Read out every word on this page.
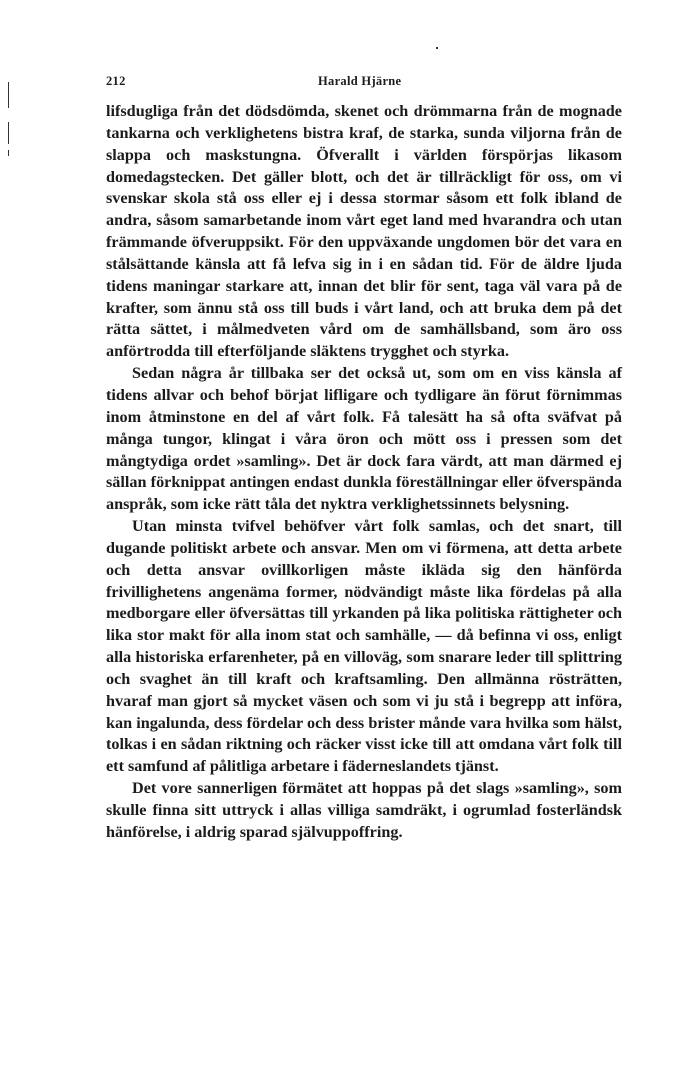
212	Harald Hjärne

lifsdugliga från det dödsdömda, skenet och drömmarna från de mognade tankarna och verklighetens bistra kraf, de starka, sunda viljorna från de slappa och maskstungna. Öfverallt i världen förspörjas likasom domedagstecken. Det gäller blott, och det är tillräckligt för oss, om vi svenskar skola stå oss eller ej i dessa stormar såsom ett folk ibland de andra, såsom samarbetande inom vårt eget land med hvarandra och utan främmande öfveruppsikt. För den uppväxande ungdomen bör det vara en stålsättande känsla att få lefva sig in i en sådan tid. För de äldre ljuda tidens maningar starkare att, innan det blir för sent, taga väl vara på de krafter, som ännu stå oss till buds i vårt land, och att bruka dem på det rätta sättet, i målmedveten vård om de samhällsband, som äro oss anförtrodda till efterföljande släktens trygghet och styrka.

Sedan några år tillbaka ser det också ut, som om en viss känsla af tidens allvar och behof börjat lifligare och tydligare än förut förnimmas inom åtminstone en del af vårt folk. Få talesätt ha så ofta sväfvat på många tungor, klingat i våra öron och mött oss i pressen som det mångtydiga ordet »samling». Det är dock fara värdt, att man därmed ej sällan förknippat antingen endast dunkla föreställningar eller öfverspända anspråk, som icke rätt tåla det nyktra verklighetssinnets belysning.

Utan minsta tvifvel behöfver vårt folk samlas, och det snart, till dugande politiskt arbete och ansvar. Men om vi förmena, att detta arbete och detta ansvar ovillkorligen måste ikläda sig den hänförda frivillighetens angenäma former, nödvändigt måste lika fördelas på alla medborgare eller öfversättas till yrkanden på lika politiska rättigheter och lika stor makt för alla inom stat och samhälle, — då befinna vi oss, enligt alla historiska erfarenheter, på en villoväg, som snarare leder till splittring och svaghet än till kraft och kraftsamling. Den allmänna rösträtten, hvaraf man gjort så mycket väsen och som vi ju stå i begrepp att införa, kan ingalunda, dess fördelar och dess brister månde vara hvilka som hälst, tolkas i en sådan riktning och räcker visst icke till att omdana vårt folk till ett samfund af pålitliga arbetare i fäderneslandets tjänst.

Det vore sannerligen förmätet att hoppas på det slags »samling», som skulle finna sitt uttryck i allas villiga samdräkt, i ogrumlad fosterländsk hänförelse, i aldrig sparad självuppoffring.
